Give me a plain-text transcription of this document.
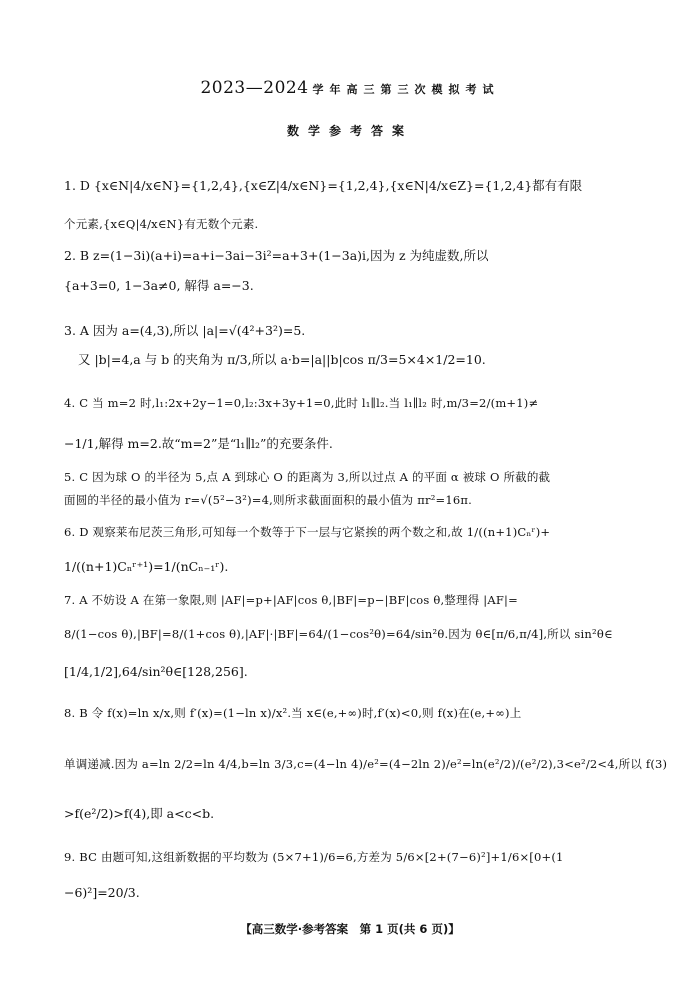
2023—2024 学年高三第三次模拟考试
数学参考答案
1. D {x∈N|4/x∈N}={1,2,4},{x∈Z|4/x∈N}={1,2,4},{x∈N|4/x∈Z}={1,2,4}都有有限
个元素,{x∈Q|4/x∈N}有无数个元素.
2. B z=(1−3i)(a+i)=a+i−3ai−3i²=a+3+(1−3a)i,因为 z 为纯虚数,所以
{a+3=0, 1−3a≠0, 解得 a=−3.
3. A 因为 a=(4,3),所以 |a|=√(4²+3²)=5.
又 |b|=4,a 与 b 的夹角为 π/3,所以 a·b=|a||b|cos π/3=5×4×1/2=10.
4. C 当 m=2 时,l₁:2x+2y−1=0,l₂:3x+3y+1=0,此时 l₁∥l₂.当 l₁∥l₂ 时,m/3=2/(m+1)≠
−1/1,解得 m=2.故“m=2”是“l₁∥l₂”的充要条件.
5. C 因为球 O 的半径为 5,点 A 到球心 O 的距离为 3,所以过点 A 的平面 α 被球 O 所截的截
面圆的半径的最小值为 r=√(5²−3²)=4,则所求截面面积的最小值为 πr²=16π.
6. D 观察莱布尼茨三角形,可知每一个数等于下一层与它紧挨的两个数之和,故 1/((n+1)Cₙʳ)+
1/((n+1)Cₙʳ⁺¹)=1/(nCₙ₋₁ʳ).
7. A 不妨设 A 在第一象限,则 |AF|=p+|AF|cos θ,|BF|=p−|BF|cos θ,整理得 |AF|=
8/(1−cos θ),|BF|=8/(1+cos θ),|AF|·|BF|=64/(1−cos²θ)=64/sin²θ.因为 θ∈[π/6,π/4],所以 sin²θ∈
[1/4,1/2],64/sin²θ∈[128,256].
8. B 令 f(x)=ln x/x,则 f′(x)=(1−ln x)/x².当 x∈(e,+∞)时,f′(x)<0,则 f(x)在(e,+∞)上
单调递减.因为 a=ln 2/2=ln 4/4,b=ln 3/3,c=(4−ln 4)/e²=(4−2ln 2)/e²=ln(e²/2)/(e²/2),3<e²/2<4,所以 f(3)
>f(e²/2)>f(4),即 a<c<b.
9. BC 由题可知,这组新数据的平均数为 (5×7+1)/6=6,方差为 5/6×[2+(7−6)²]+1/6×[0+(1
−6)²]=20/3.
【高三数学·参考答案　第 1 页(共 6 页)】
